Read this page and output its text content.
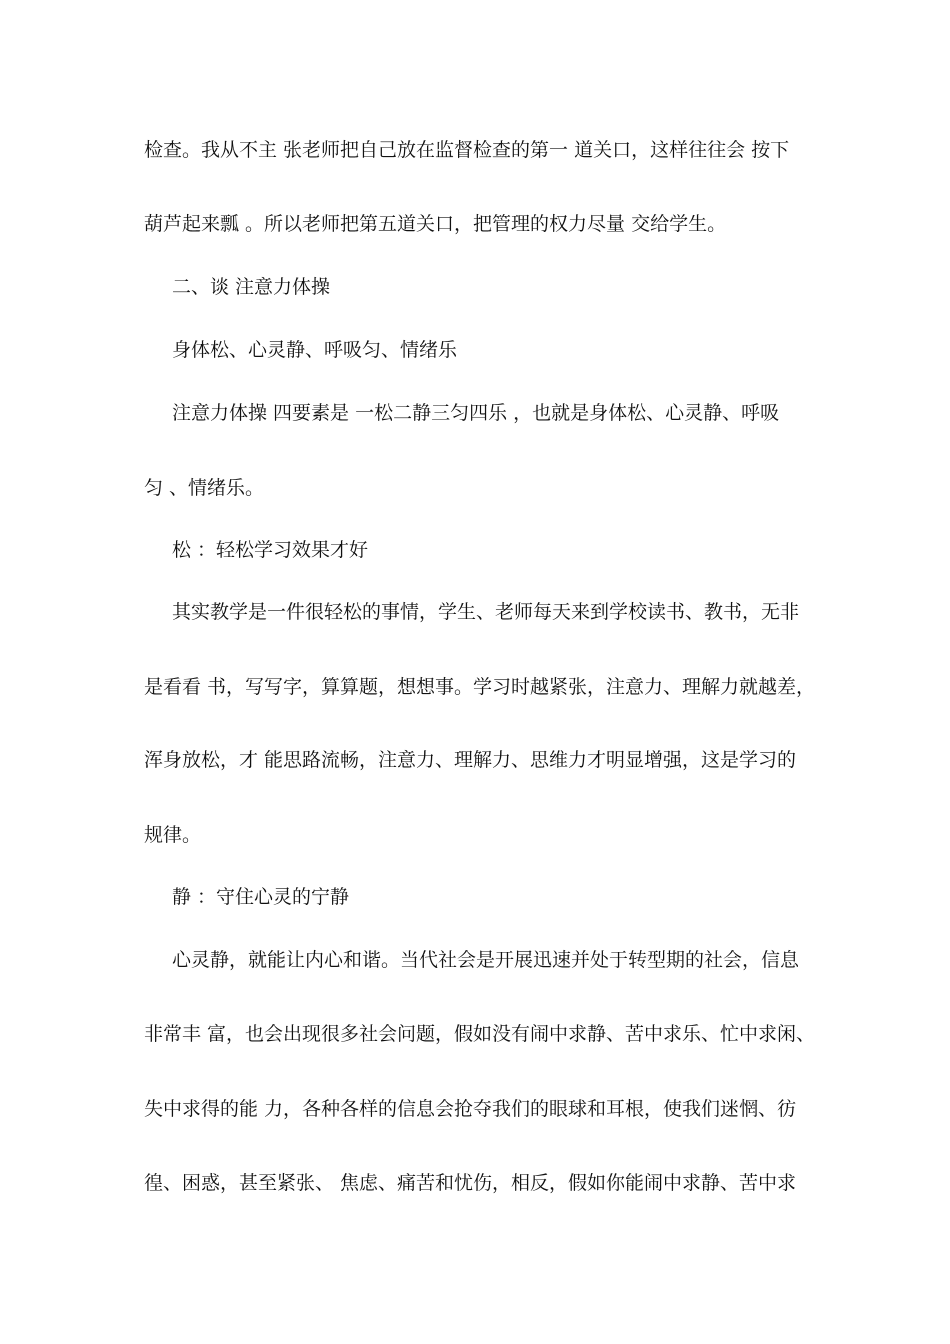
检查。我从不主 张老师把自己放在监督检查的第一 道关口，这样往往会 按下
葫芦起来瓢 。所以老师把第五道关口，把管理的权力尽量 交给学生。
二、谈 注意力体操
身体松、心灵静、呼吸匀、情绪乐
注意力体操 四要素是 一松二静三匀四乐 ，也就是身体松、心灵静、呼吸
匀 、情绪乐。
松 ：轻松学习效果才好
其实教学是一件很轻松的事情，学生、老师每天来到学校读书、教书，无非
是看看 书，写写字，算算题，想想事。学习时越紧张，注意力、理解力就越差，
浑身放松，才 能思路流畅，注意力、理解力、思维力才明显增强，这是学习的
规律。
静 ：守住心灵的宁静
心灵静，就能让内心和谐。当代社会是开展迅速并处于转型期的社会，信息
非常丰 富，也会出现很多社会问题，假如没有闹中求静、苦中求乐、忙中求闲、
失中求得的能 力，各种各样的信息会抢夺我们的眼球和耳根，使我们迷惘、彷
徨、困惑，甚至紧张、 焦虑、痛苦和忧伤，相反，假如你能闹中求静、苦中求
